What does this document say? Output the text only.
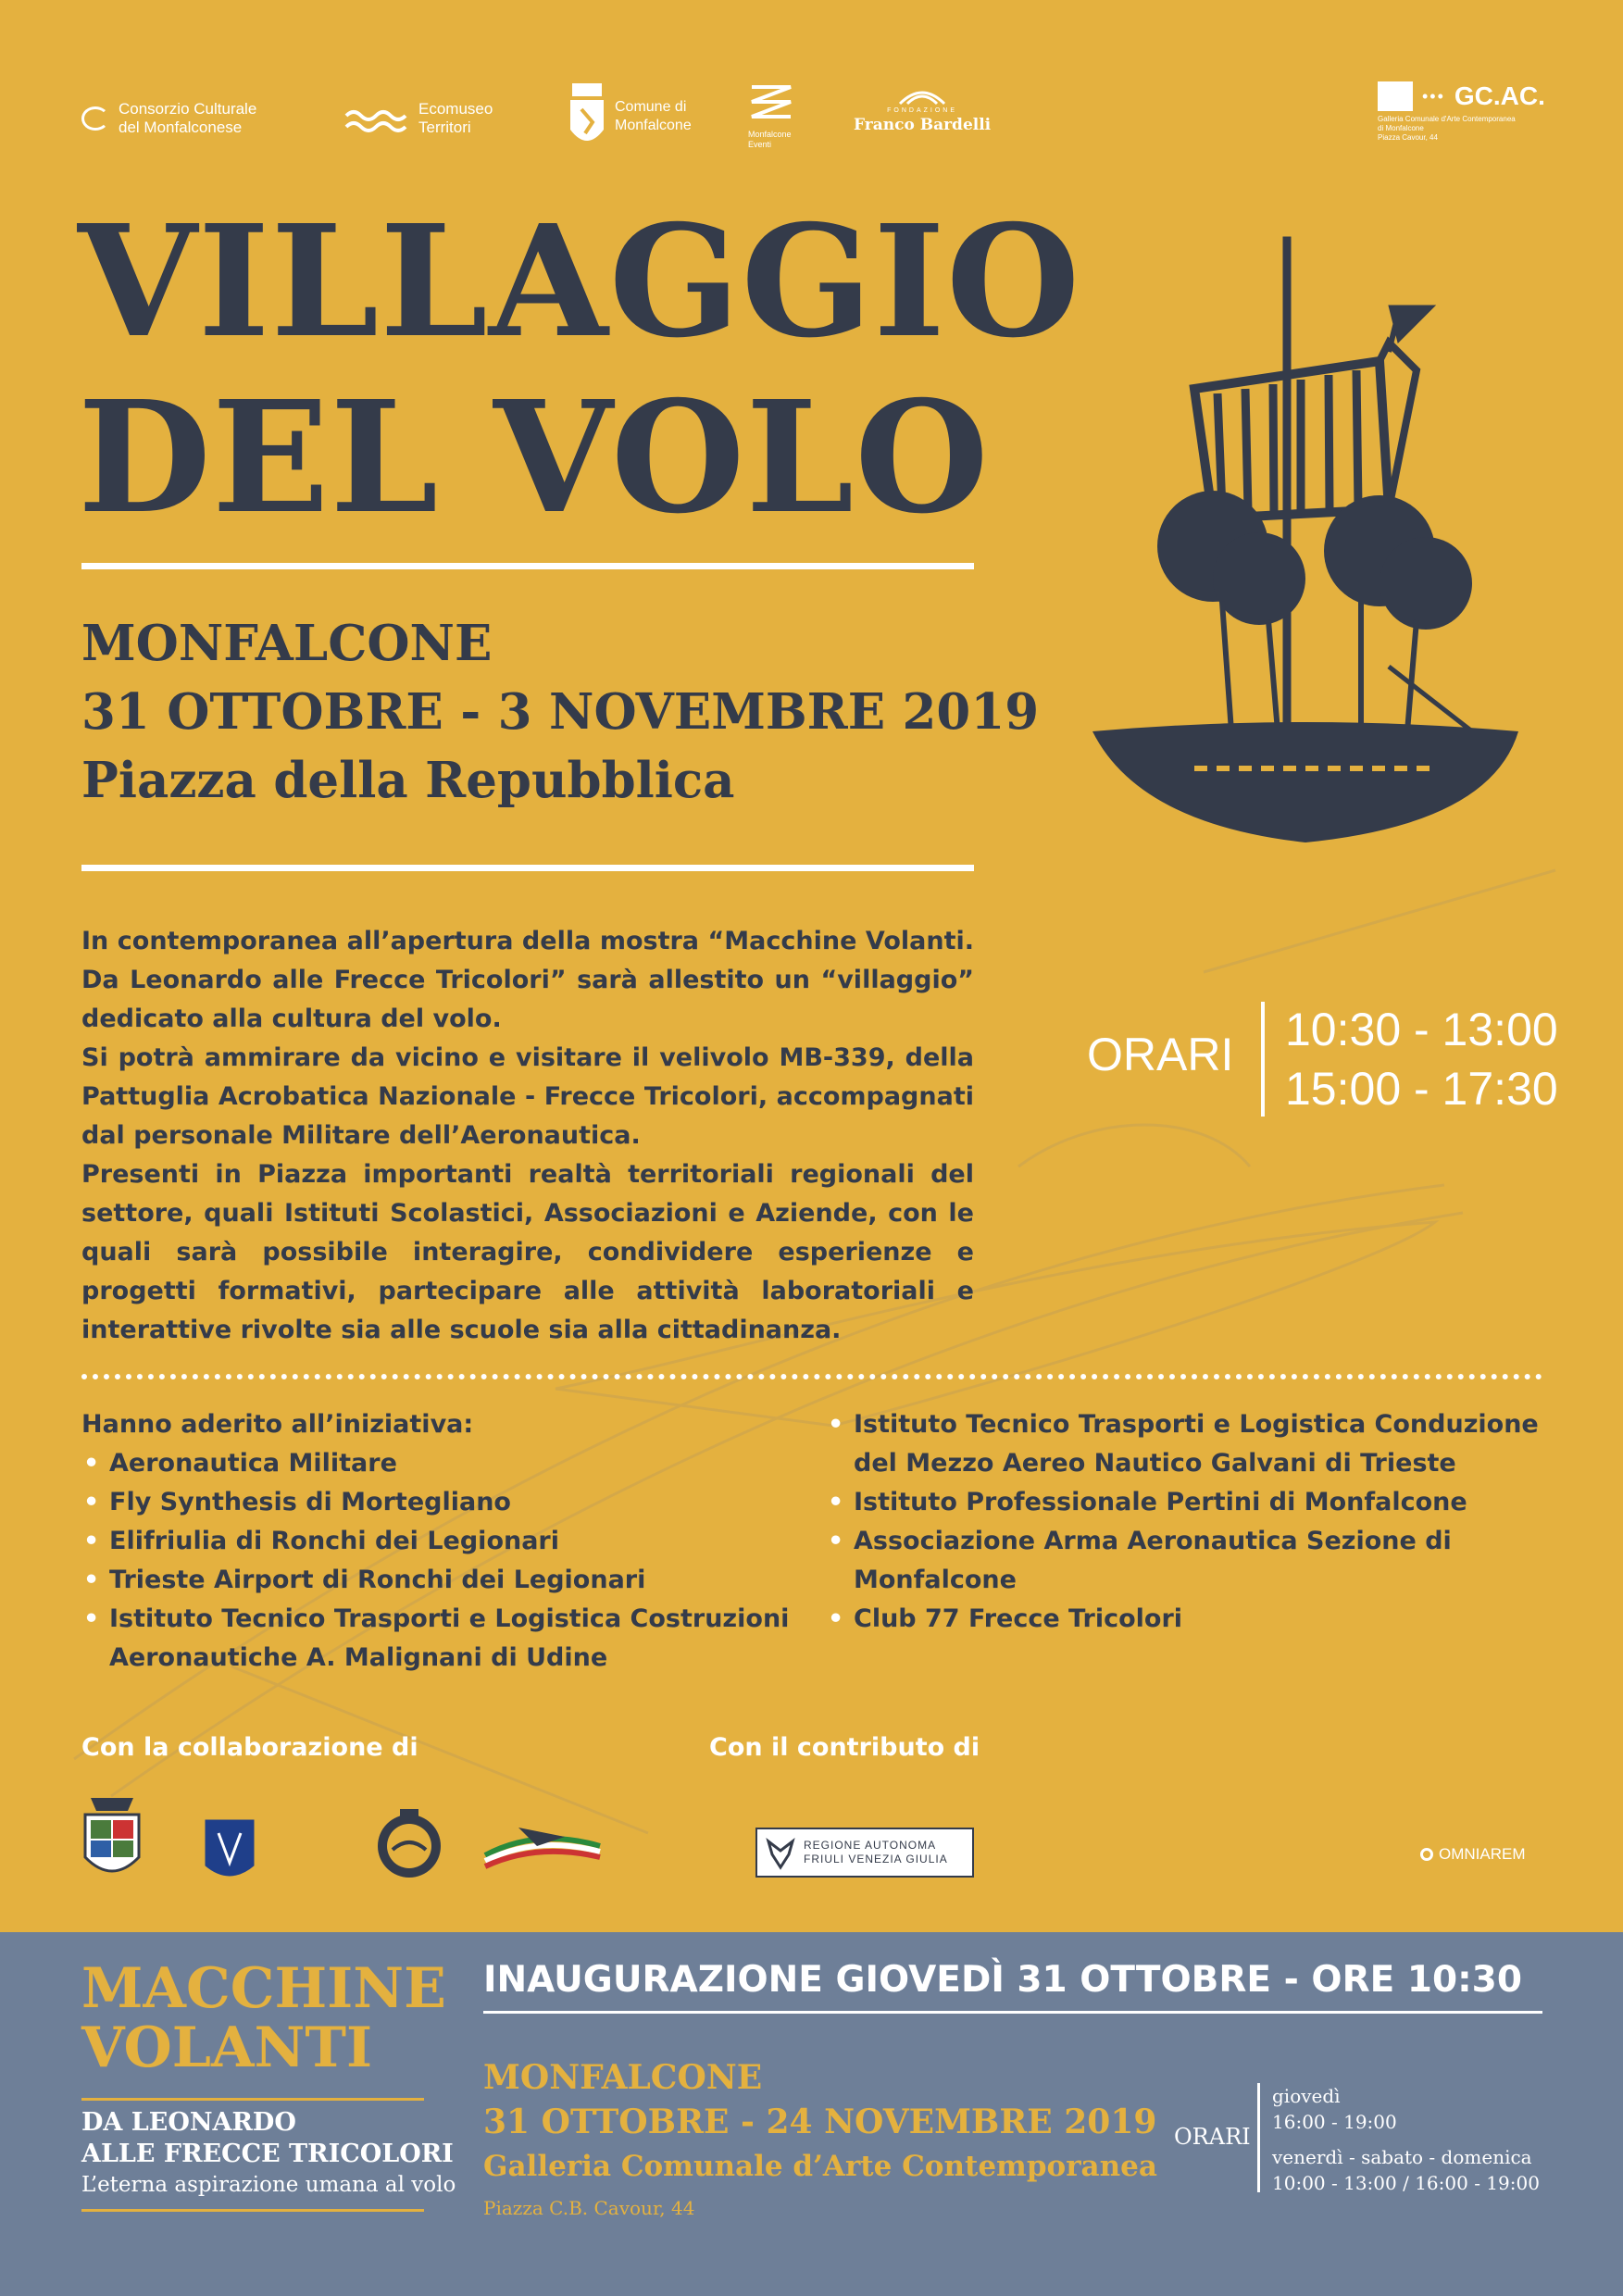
Consorzio Culturale
del Monfalconese
Ecomuseo
Territori
Comune di
Monfalcone
Monfalcone
Eventi
FONDAZIONE
Franco Bardelli
••• GC.AC.
Galleria Comunale d'Arte Contemporanea
di Monfalcone
Piazza Cavour, 44
VILLAGGIO
DEL VOLO
MONFALCONE
31 OTTOBRE - 3 NOVEMBRE 2019
Piazza della Repubblica
In contemporanea all’apertura della mostra “Macchine Volanti. Da Leonardo alle Frecce Tricolori” sarà allestito un “villaggio” dedicato alla cultura del volo.
Si potrà ammirare da vicino e visitare il velivolo MB-339, della Pattuglia Acrobatica Nazionale - Frecce Tricolori, accompagnati dal personale Militare dell’Aeronautica.
Presenti in Piazza importanti realtà territoriali regionali del settore, quali Istituti Scolastici, Associazioni e Aziende, con le quali sarà possibile interagire, condividere esperienze e progetti formativi, partecipare alle attività laboratoriali e interattive rivolte sia alle scuole sia alla cittadinanza.
ORARI 10:30 - 13:00
15:00 - 17:30
Hanno aderito all’iniziativa:
• Aeronautica Militare
• Fly Synthesis di Mortegliano
• Elifriulia di Ronchi dei Legionari
• Trieste Airport di Ronchi dei Legionari
• Istituto Tecnico Trasporti e Logistica Costruzioni Aeronautiche A. Malignani di Udine
• Istituto Tecnico Trasporti e Logistica Conduzione del Mezzo Aereo Nautico Galvani di Trieste
• Istituto Professionale Pertini di Monfalcone
• Associazione Arma Aeronautica Sezione di Monfalcone
• Club 77 Frecce Tricolori
Con la collaborazione di	Con il contributo di
REGIONE AUTONOMA
FRIULI VENEZIA GIULIA	OMNIAREM
MACCHINE
VOLANTI
DA LEONARDO
ALLE FRECCE TRICOLORI
L’eterna aspirazione umana al volo
INAUGURAZIONE GIOVEDÌ 31 OTTOBRE - ORE 10:30
MONFALCONE
31 OTTOBRE - 24 NOVEMBRE 2019
Galleria Comunale d’Arte Contemporanea
Piazza C.B. Cavour, 44
ORARI
giovedì
16:00 - 19:00
venerdì - sabato - domenica
10:00 - 13:00 / 16:00 - 19:00
